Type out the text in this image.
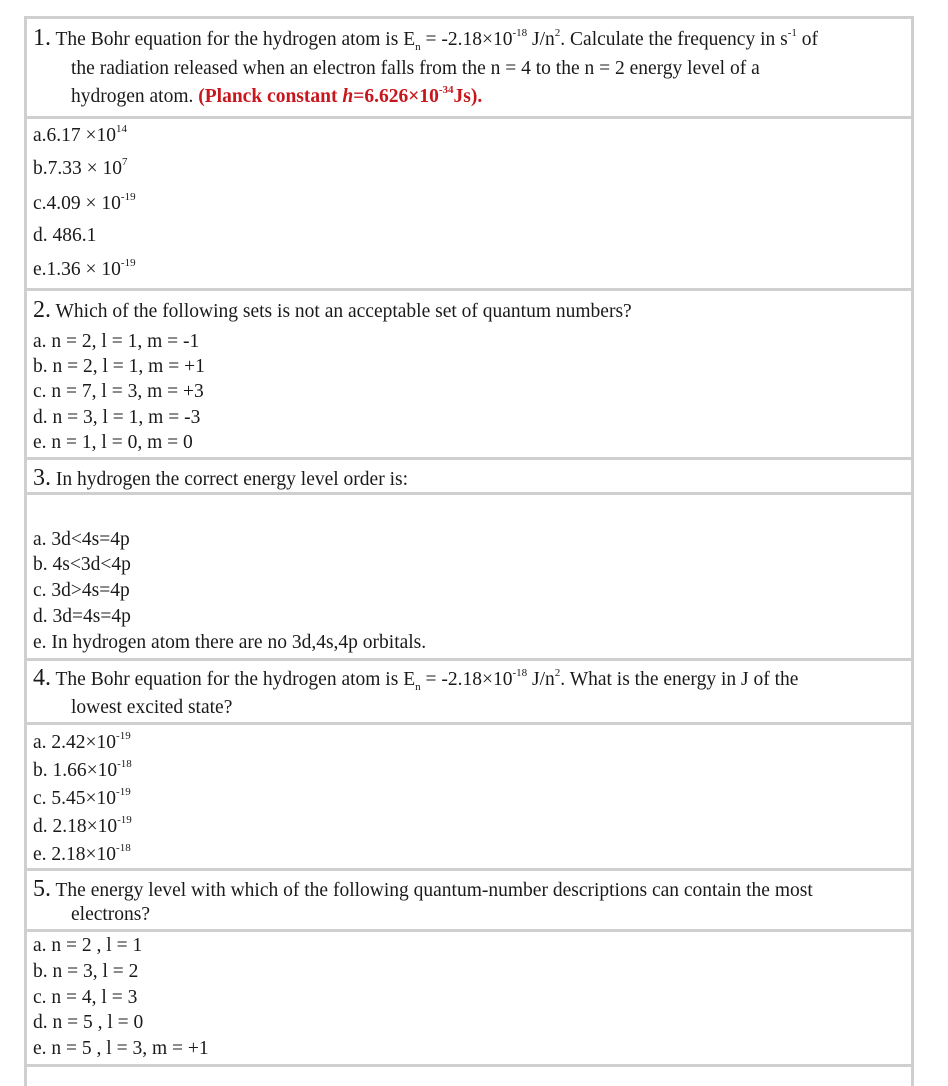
1. The Bohr equation for the hydrogen atom is $E_n = -2.18\times 10^{-18}$ $J/n^2$. Calculate the frequency in $s^{-1}$ of
the radiation released when an electron falls from the n = 4 to the n = 2 energy level of a
hydrogen atom. (Planck constant $h=6.626\times 10^{-34}Js$).
$a.6.17 \times 10^{14}$
$b.7.33 \times 10^7$
$c.4.09 \times 10^{-19}$
d. 486.1
$e.1.36 \times 10^{-19}$
2. Which of the following sets is not an acceptable set of quantum numbers?
a. n = 2, l = 1, m = -1
b. n = 2, l = 1, m = +1
c. n = 7, l = 3, m = +3
d. n = 3, l = 1, m = -3
e. n = 1, l = 0, m = 0
3. In hydrogen the correct energy level order is:
a. 3d<4s=4p
b. 4s<3d<4p
c. 3d>4s=4p
d. 3d=4s=4p
e. In hydrogen atom there are no 3d,4s,4p orbitals.
4. The Bohr equation for the hydrogen atom is $E_n = -2.18\times 10^{-18}$ $J/n^2$. What is the energy in J of the
lowest excited state?
a. $2.42\times 10^{-19}$
b. $1.66\times 10^{-18}$
c. $5.45\times 10^{-19}$
d. $2.18\times 10^{-19}$
e. $2.18\times 10^{-18}$
5. The energy level with which of the following quantum-number descriptions can contain the most
electrons?
a. n = 2 , l = 1
b. n = 3, l = 2
c. n = 4, l = 3
d. n = 5 , l = 0
e. n = 5 , l = 3, m = +1
